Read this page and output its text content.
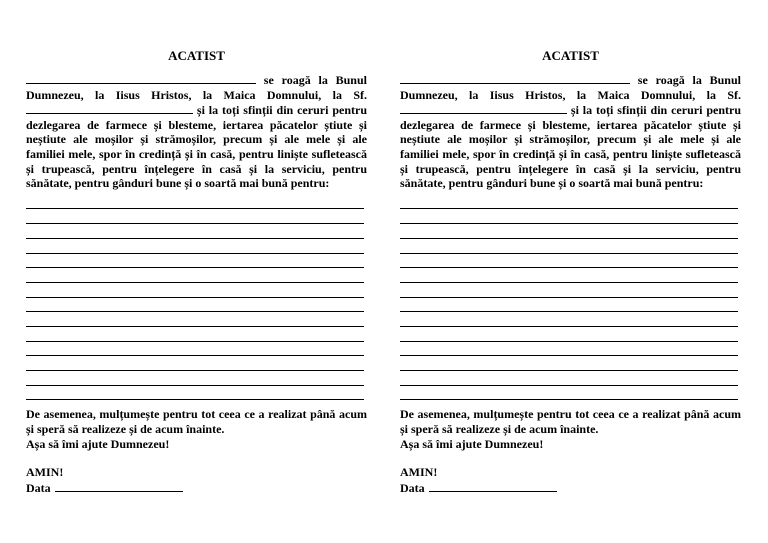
ACATIST

se roagă la Bunul Dumnezeu, la Iisus Hristos, la Maica Domnului, la Sf.  și la toți sfinții din ceruri pentru dezlegarea de farmece și blesteme, iertarea păcatelor știute și neștiute ale moșilor și strămoșilor, precum și ale mele și ale familiei mele, spor în credință și în casă, pentru liniște sufletească și trupească, pentru înțelegere în casă și la serviciu, pentru sănătate, pentru gânduri bune și o soartă mai bună pentru:

De asemenea, mulțumește pentru tot ceea ce a realizat până acum și speră să realizeze și de acum înainte.

Așa să îmi ajute Dumnezeu!

AMIN!
Data
ACATIST

se roagă la Bunul Dumnezeu, la Iisus Hristos, la Maica Domnului, la Sf.  și la toți sfinții din ceruri pentru dezlegarea de farmece și blesteme, iertarea păcatelor știute și neștiute ale moșilor și strămoșilor, precum și ale mele și ale familiei mele, spor în credință și în casă, pentru liniște sufletească și trupească, pentru înțelegere în casă și la serviciu, pentru sănătate, pentru gânduri bune și o soartă mai bună pentru:

De asemenea, mulțumește pentru tot ceea ce a realizat până acum și speră să realizeze și de acum înainte.

Așa să îmi ajute Dumnezeu!

AMIN!
Data
